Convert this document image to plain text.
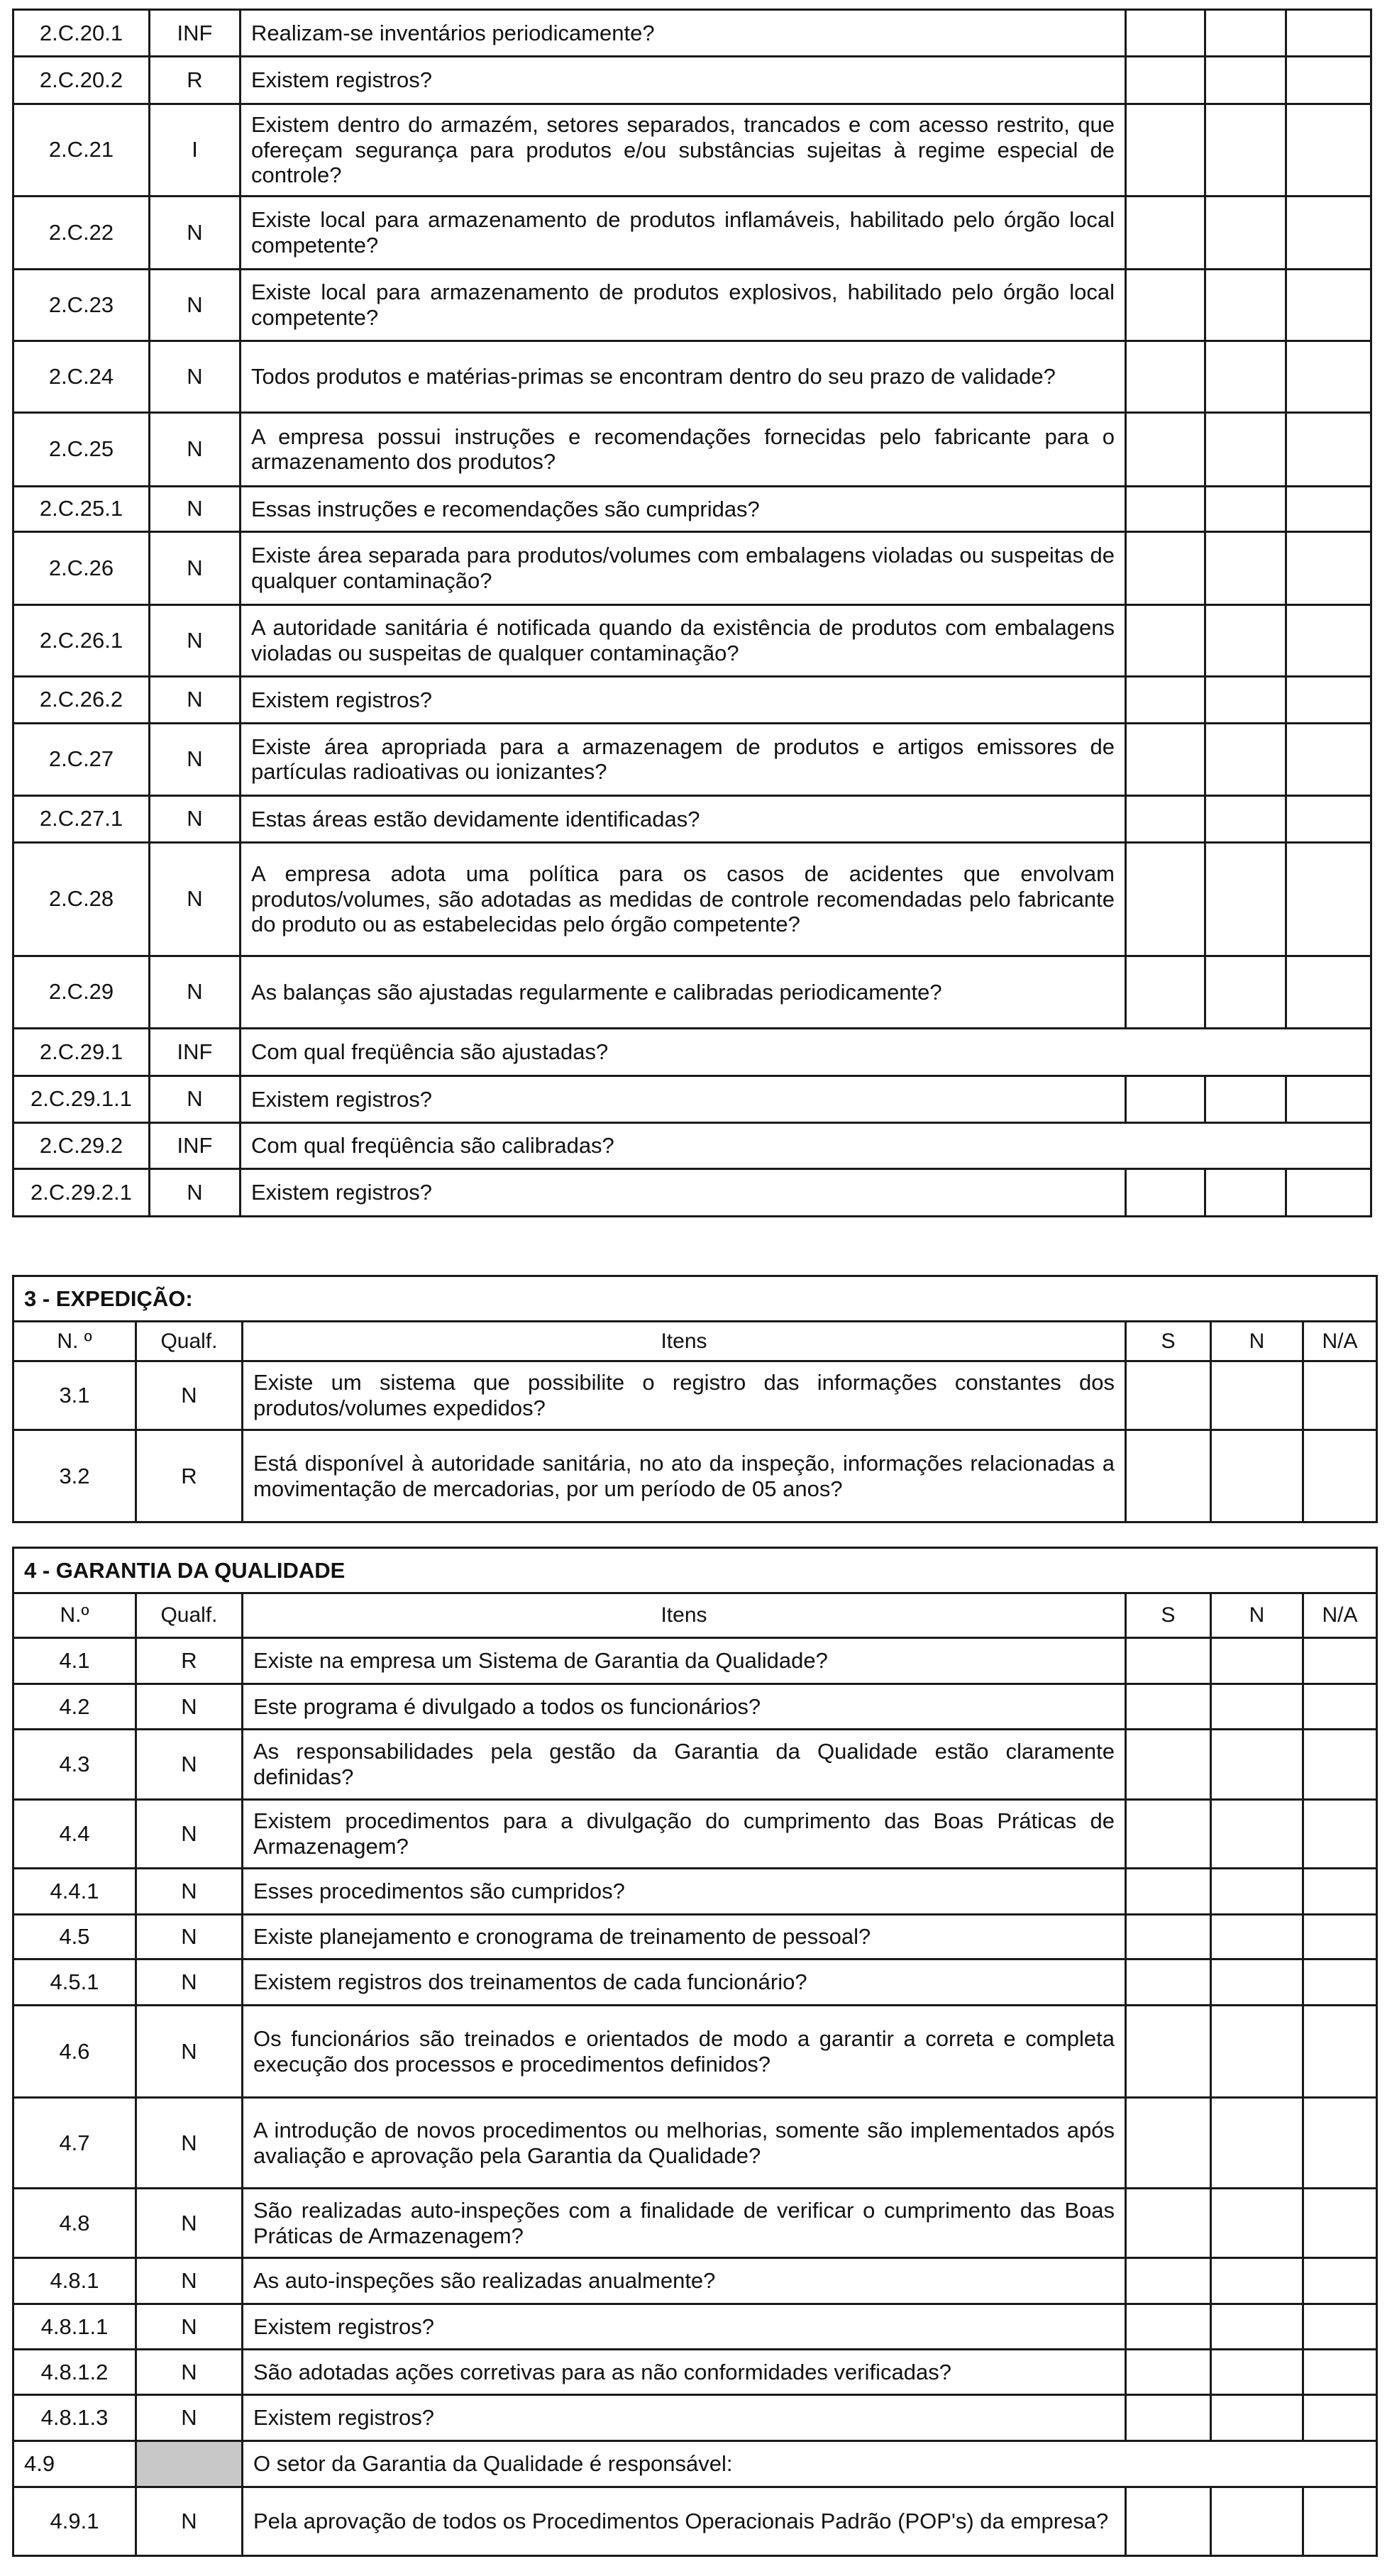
2.C.20.1	INF	Realizam-se inventários periodicamente?			
2.C.20.2	R	Existem registros?			
2.C.21	I	Existem dentro do armazém, setores separados, trancados e com acesso restrito, que ofereçam segurança para produtos e/ou substâncias sujeitas à regime especial de controle?			
2.C.22	N	Existe local para armazenamento de produtos inflamáveis, habilitado pelo órgão local competente?			
2.C.23	N	Existe local para armazenamento de produtos explosivos, habilitado pelo órgão local competente?			
2.C.24	N	Todos produtos e matérias-primas se encontram dentro do seu prazo de validade?			
2.C.25	N	A empresa possui instruções e recomendações fornecidas pelo fabricante para o armazenamento dos produtos?			
2.C.25.1	N	Essas instruções e recomendações são cumpridas?			
2.C.26	N	Existe área separada para produtos/volumes com embalagens violadas ou suspeitas de qualquer contaminação?			
2.C.26.1	N	A autoridade sanitária é notificada quando da existência de produtos com embalagens violadas ou suspeitas de qualquer contaminação?			
2.C.26.2	N	Existem registros?			
2.C.27	N	Existe área apropriada para a armazenagem de produtos e artigos emissores de partículas radioativas ou ionizantes?			
2.C.27.1	N	Estas áreas estão devidamente identificadas?			
2.C.28	N	A empresa adota uma política para os casos de acidentes que envolvam produtos/volumes, são adotadas as medidas de controle recomendadas pelo fabricante do produto ou as estabelecidas pelo órgão competente?			
2.C.29	N	As balanças são ajustadas regularmente e calibradas periodicamente?			
2.C.29.1	INF	Com qual freqüência são ajustadas?			
2.C.29.1.1	N	Existem registros?			
2.C.29.2	INF	Com qual freqüência são calibradas?			
2.C.29.2.1	N	Existem registros?			
3 - EXPEDIÇÃO:					
N. º	Qualf.	Itens	S	N	N/A
3.1	N	Existe um sistema que possibilite o registro das informações constantes dos produtos/volumes expedidos?			
3.2	R	Está disponível à autoridade sanitária, no ato da inspeção, informações relacionadas a movimentação de mercadorias, por um período de 05 anos?			
4 - GARANTIA DA QUALIDADE					
N.º	Qualf.	Itens	S	N	N/A
4.1	R	Existe na empresa um Sistema de Garantia da Qualidade?			
4.2	N	Este programa é divulgado a todos os funcionários?			
4.3	N	As responsabilidades pela gestão da Garantia da Qualidade estão claramente definidas?			
4.4	N	Existem procedimentos para a divulgação do cumprimento das Boas Práticas de Armazenagem?			
4.4.1	N	Esses procedimentos são cumpridos?			
4.5	N	Existe planejamento e cronograma de treinamento de pessoal?			
4.5.1	N	Existem registros dos treinamentos de cada funcionário?			
4.6	N	Os funcionários são treinados e orientados de modo a garantir a correta e completa execução dos processos e procedimentos definidos?			
4.7	N	A introdução de novos procedimentos ou melhorias, somente são implementados após avaliação e aprovação pela Garantia da Qualidade?			
4.8	N	São realizadas auto-inspeções com a finalidade de verificar o cumprimento das Boas Práticas de Armazenagem?			
4.8.1	N	As auto-inspeções são realizadas anualmente?			
4.8.1.1	N	Existem registros?			
4.8.1.2	N	São adotadas ações corretivas para as não conformidades verificadas?			
4.8.1.3	N	Existem registros?			
4.9		O setor da Garantia da Qualidade é responsável:			
4.9.1	N	Pela aprovação de todos os Procedimentos Operacionais Padrão (POP's) da empresa?			
